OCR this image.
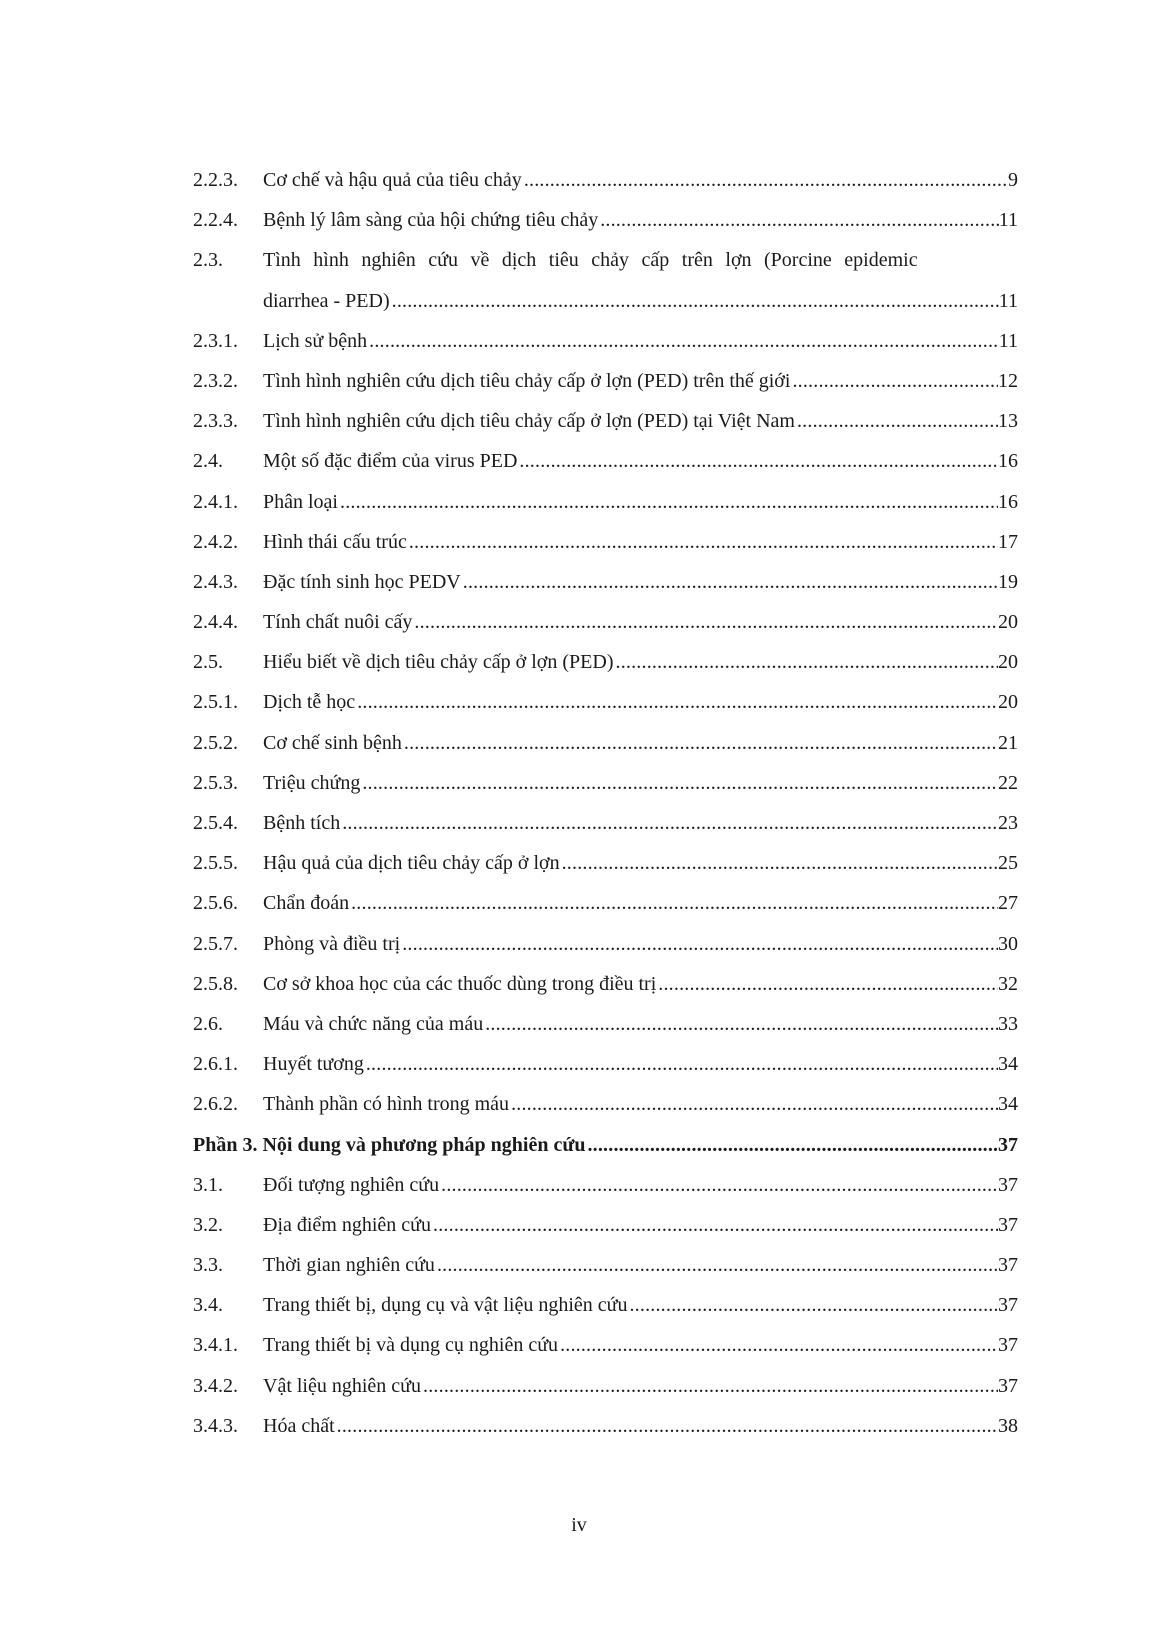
2.2.3.	Cơ chế và hậu quả của tiêu chảy .....	9
2.2.4.	Bệnh lý lâm sàng của hội chứng tiêu chảy .....	11
2.3.	Tình hình nghiên cứu về dịch tiêu chảy cấp trên lợn (Porcine epidemic
diarrhea - PED) .....	11
2.3.1.	Lịch sử bệnh .....	11
2.3.2.	Tình hình nghiên cứu dịch tiêu chảy cấp ở lợn (PED) trên thế giới .....	12
2.3.3.	Tình hình nghiên cứu dịch tiêu chảy cấp ở lợn (PED) tại Việt Nam .....	13
2.4.	Một số đặc điểm của virus PED .....	16
2.4.1.	Phân loại .....	16
2.4.2.	Hình thái cấu trúc .....	17
2.4.3.	Đặc tính sinh học PEDV .....	19
2.4.4.	Tính chất nuôi cấy .....	20
2.5.	Hiểu biết về dịch tiêu chảy cấp ở lợn (PED) .....	20
2.5.1.	Dịch tễ học .....	20
2.5.2.	Cơ chế sinh bệnh .....	21
2.5.3.	Triệu chứng .....	22
2.5.4.	Bệnh tích .....	23
2.5.5.	Hậu quả của dịch tiêu chảy cấp ở lợn .....	25
2.5.6.	Chẩn đoán .....	27
2.5.7.	Phòng và điều trị .....	30
2.5.8.	Cơ sở khoa học của các thuốc dùng trong điều trị .....	32
2.6.	Máu và chức năng của máu .....	33
2.6.1.	Huyết tương .....	34
2.6.2.	Thành phần có hình trong máu .....	34
Phần 3. Nội dung và phương pháp nghiên cứu .....	37
3.1.	Đối tượng nghiên cứu .....	37
3.2.	Địa điểm nghiên cứu .....	37
3.3.	Thời gian nghiên cứu .....	37
3.4.	Trang thiết bị, dụng cụ và vật liệu nghiên cứu .....	37
3.4.1.	Trang thiết bị và dụng cụ nghiên cứu .....	37
3.4.2.	Vật liệu nghiên cứu .....	37
3.4.3.	Hóa chất .....	38
iv
